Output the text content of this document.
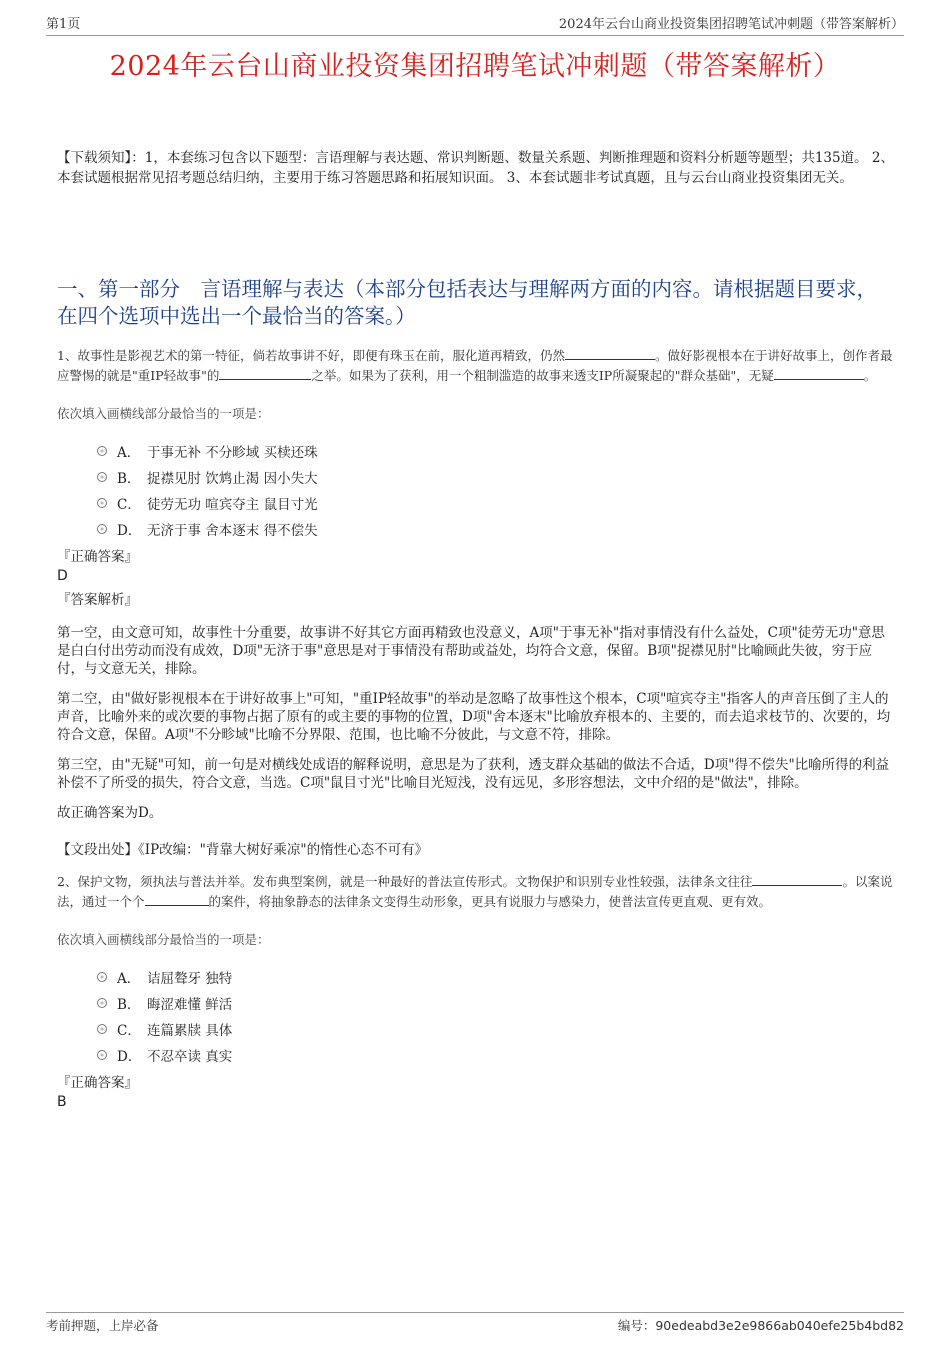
第1页	2024年云台山商业投资集团招聘笔试冲刺题（带答案解析）
2024年云台山商业投资集团招聘笔试冲刺题（带答案解析）
【下载须知】：1，本套练习包含以下题型：言语理解与表达题、常识判断题、数量关系题、判断推理题和资料分析题等题型；共135道。 2、本套试题根据常见招考题总结归纳，主要用于练习答题思路和拓展知识面。 3、本套试题非考试真题，且与云台山商业投资集团无关。
一、第一部分　言语理解与表达（本部分包括表达与理解两方面的内容。请根据题目要求，在四个选项中选出一个最恰当的答案。）
1、故事性是影视艺术的第一特征，倘若故事讲不好，即便有珠玉在前，服化道再精致，仍然	。做好影视根本在于讲好故事上，创作者最应警惕的就是"重IP轻故事"的	之举。如果为了获利，用一个粗制滥造的故事来透支IP所凝聚起的"群众基础"，无疑	。
依次填入画横线部分最恰当的一项是：
A． 于事无补 不分畛域 买椟还珠
B． 捉襟见肘 饮鸩止渴 因小失大
C． 徒劳无功 喧宾夺主 鼠目寸光
D． 无济于事 舍本逐末 得不偿失
『正确答案』
D
『答案解析』
第一空，由文意可知，故事性十分重要，故事讲不好其它方面再精致也没意义，A项"于事无补"指对事情没有什么益处，C项"徒劳无功"意思是白白付出劳动而没有成效，D项"无济于事"意思是对于事情没有帮助或益处，均符合文意，保留。B项"捉襟见肘"比喻顾此失彼，穷于应付，与文意无关，排除。
第二空，由"做好影视根本在于讲好故事上"可知，"重IP轻故事"的举动是忽略了故事性这个根本，C项"喧宾夺主"指客人的声音压倒了主人的声音，比喻外来的或次要的事物占据了原有的或主要的事物的位置，D项"舍本逐末"比喻放弃根本的、主要的，而去追求枝节的、次要的，均符合文意，保留。A项"不分畛域"比喻不分界限、范围，也比喻不分彼此，与文意不符，排除。
第三空，由"无疑"可知，前一句是对横线处成语的解释说明，意思是为了获利，透支群众基础的做法不合适，D项"得不偿失"比喻所得的利益补偿不了所受的损失，符合文意，当选。C项"鼠目寸光"比喻目光短浅，没有远见，多形容想法，文中介绍的是"做法"，排除。
故正确答案为D。
【文段出处】《IP改编："背靠大树好乘凉"的惰性心态不可有》
2、保护文物，须执法与普法并举。发布典型案例，就是一种最好的普法宣传形式。文物保护和识别专业性较强，法律条文往往	。以案说法，通过一个个	的案件，将抽象静态的法律条文变得生动形象，更具有说服力与感染力，使普法宣传更直观、更有效。
依次填入画横线部分最恰当的一项是：
A． 诘屈聱牙 独特
B． 晦涩难懂 鲜活
C． 连篇累牍 具体
D． 不忍卒读 真实
『正确答案』
B
考前押题，上岸必备	编号：90edeabd3e2e9866ab040efe25b4bd82
